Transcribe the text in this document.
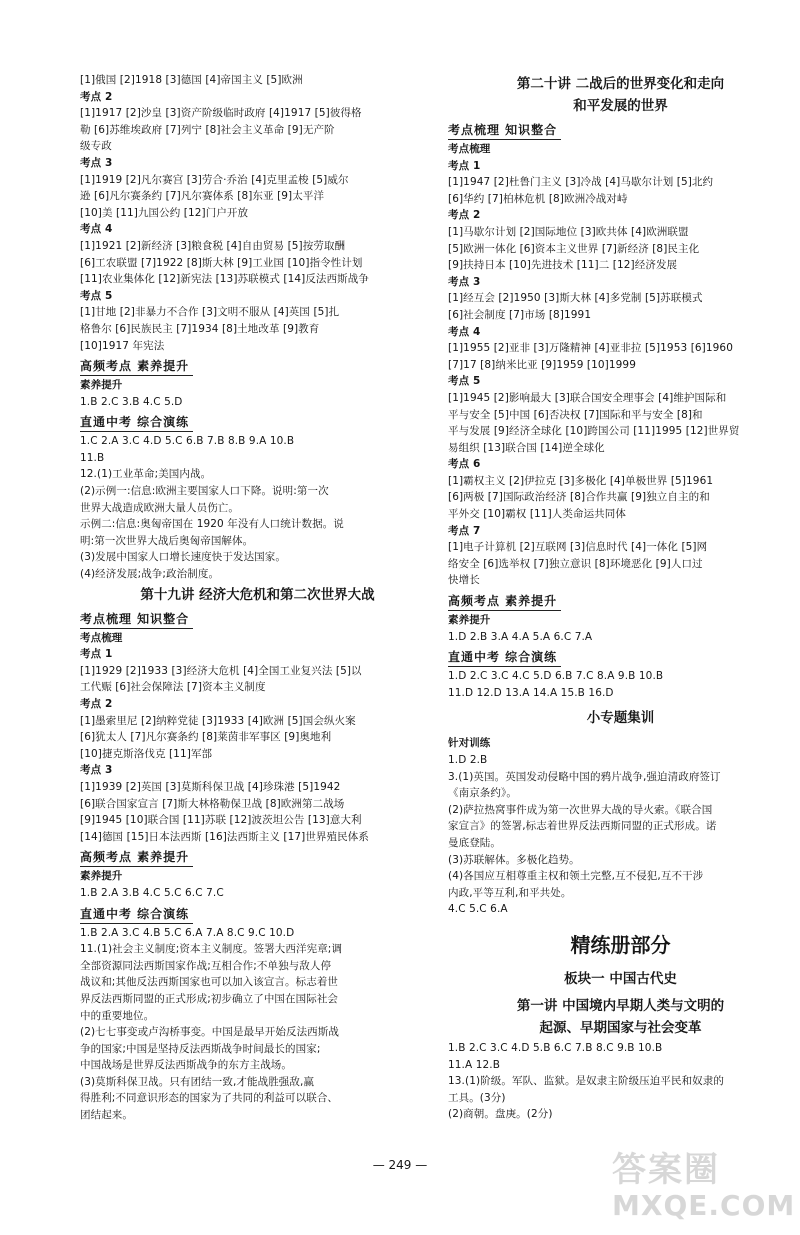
[1]俄国 [2]1918 [3]德国 [4]帝国主义 [5]欧洲
考点 2
[1]1917 [2]沙皇 [3]资产阶级临时政府 [4]1917 [5]彼得格
勒 [6]苏维埃政府 [7]列宁 [8]社会主义革命 [9]无产阶
级专政
考点 3
[1]1919 [2]凡尔赛宫 [3]劳合·乔治 [4]克里孟梭 [5]威尔
逊 [6]凡尔赛条约 [7]凡尔赛体系 [8]东亚 [9]太平洋
[10]美 [11]九国公约 [12]门户开放
考点 4
[1]1921 [2]新经济 [3]粮食税 [4]自由贸易 [5]按劳取酬
[6]工农联盟 [7]1922 [8]斯大林 [9]工业国 [10]指令性计划
[11]农业集体化 [12]新宪法 [13]苏联模式 [14]反法西斯战争
考点 5
[1]甘地 [2]非暴力不合作 [3]文明不服从 [4]英国 [5]扎
格鲁尔 [6]民族民主 [7]1934 [8]土地改革 [9]教育
[10]1917 年宪法
高频考点 素养提升
素养提升
1.B 2.C 3.B 4.C 5.D
直通中考 综合演练
1.C 2.A 3.C 4.D 5.C 6.B 7.B 8.B 9.A 10.B
11.B
12.(1)工业革命;美国内战。
(2)示例一:信息:欧洲主要国家人口下降。说明:第一次
世界大战造成欧洲大量人员伤亡。
示例二:信息:奥匈帝国在 1920 年没有人口统计数据。说
明:第一次世界大战后奥匈帝国解体。
(3)发展中国家人口增长速度快于发达国家。
(4)经济发展;战争;政治制度。
第十九讲 经济大危机和第二次世界大战
考点梳理 知识整合
考点梳理
考点 1
[1]1929 [2]1933 [3]经济大危机 [4]全国工业复兴法 [5]以
工代赈 [6]社会保障法 [7]资本主义制度
考点 2
[1]墨索里尼 [2]纳粹党徒 [3]1933 [4]欧洲 [5]国会纵火案
[6]犹太人 [7]凡尔赛条约 [8]莱茵非军事区 [9]奥地利
[10]捷克斯洛伐克 [11]军部
考点 3
[1]1939 [2]英国 [3]莫斯科保卫战 [4]珍珠港 [5]1942
[6]联合国家宣言 [7]斯大林格勒保卫战 [8]欧洲第二战场
[9]1945 [10]联合国 [11]苏联 [12]波茨坦公告 [13]意大利
[14]德国 [15]日本法西斯 [16]法西斯主义 [17]世界殖民体系
高频考点 素养提升
素养提升
1.B 2.A 3.B 4.C 5.C 6.C 7.C
直通中考 综合演练
1.B 2.A 3.C 4.B 5.C 6.A 7.A 8.C 9.C 10.D
11.(1)社会主义制度;资本主义制度。签署大西洋宪章;调
全部资源同法西斯国家作战;互相合作;不单独与敌人停
战议和;其他反法西斯国家也可以加入该宣言。标志着世
界反法西斯同盟的正式形成;初步确立了中国在国际社会
中的重要地位。
(2)七七事变或卢沟桥事变。中国是最早开始反法西斯战
争的国家;中国是坚持反法西斯战争时间最长的国家;
中国战场是世界反法西斯战争的东方主战场。
(3)莫斯科保卫战。只有团结一致,才能战胜强敌,赢
得胜利;不同意识形态的国家为了共同的利益可以联合、
团结起来。
第二十讲 二战后的世界变化和走向
和平发展的世界
考点梳理 知识整合
考点梳理
考点 1
[1]1947 [2]杜鲁门主义 [3]冷战 [4]马歇尔计划 [5]北约
[6]华约 [7]柏林危机 [8]欧洲冷战对峙
考点 2
[1]马歇尔计划 [2]国际地位 [3]欧共体 [4]欧洲联盟
[5]欧洲一体化 [6]资本主义世界 [7]新经济 [8]民主化
[9]扶持日本 [10]先进技术 [11]二 [12]经济发展
考点 3
[1]经互会 [2]1950 [3]斯大林 [4]多党制 [5]苏联模式
[6]社会制度 [7]市场 [8]1991
考点 4
[1]1955 [2]亚非 [3]万隆精神 [4]亚非拉 [5]1953 [6]1960
[7]17 [8]纳米比亚 [9]1959 [10]1999
考点 5
[1]1945 [2]影响最大 [3]联合国安全理事会 [4]维护国际和
平与安全 [5]中国 [6]否决权 [7]国际和平与安全 [8]和
平与发展 [9]经济全球化 [10]跨国公司 [11]1995 [12]世界贸
易组织 [13]联合国 [14]逆全球化
考点 6
[1]霸权主义 [2]伊拉克 [3]多极化 [4]单极世界 [5]1961
[6]两极 [7]国际政治经济 [8]合作共赢 [9]独立自主的和
平外交 [10]霸权 [11]人类命运共同体
考点 7
[1]电子计算机 [2]互联网 [3]信息时代 [4]一体化 [5]网
络安全 [6]选举权 [7]独立意识 [8]环境恶化 [9]人口过
快增长
高频考点 素养提升
素养提升
1.D 2.B 3.A 4.A 5.A 6.C 7.A
直通中考 综合演练
1.D 2.C 3.C 4.C 5.D 6.B 7.C 8.A 9.B 10.B
11.D 12.D 13.A 14.A 15.B 16.D
小专题集训
针对训练
1.D 2.B
3.(1)英国。英国发动侵略中国的鸦片战争,强迫清政府签订
《南京条约》。
(2)萨拉热窝事件成为第一次世界大战的导火索。《联合国
家宣言》的签署,标志着世界反法西斯同盟的正式形成。诺
曼底登陆。
(3)苏联解体。多极化趋势。
(4)各国应互相尊重主权和领土完整,互不侵犯,互不干涉
内政,平等互利,和平共处。
4.C 5.C 6.A
精练册部分
板块一 中国古代史
第一讲 中国境内早期人类与文明的
起源、早期国家与社会变革
1.B 2.C 3.C 4.D 5.B 6.C 7.B 8.C 9.B 10.B
11.A 12.B
13.(1)阶级。军队、监狱。是奴隶主阶级压迫平民和奴隶的
工具。(3分)
(2)商朝。盘庚。(2分)
— 249 —	答案圈
MXQE.COM
